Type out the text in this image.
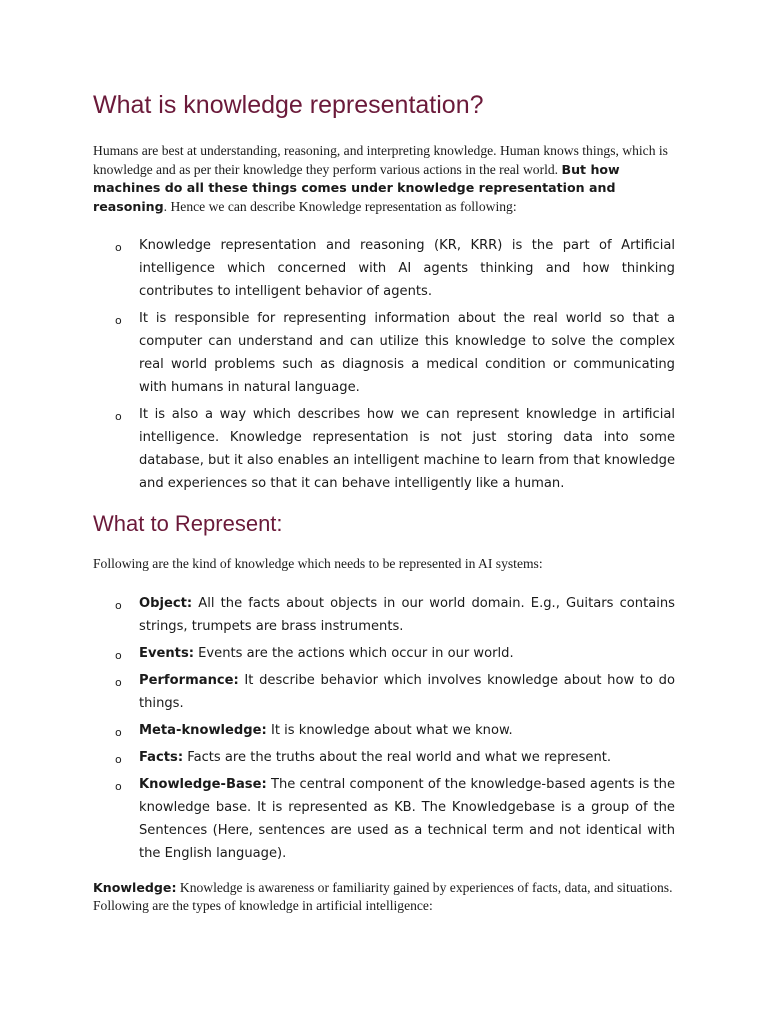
What is knowledge representation?

Humans are best at understanding, reasoning, and interpreting knowledge. Human knows things, which is knowledge and as per their knowledge they perform various actions in the real world. But how machines do all these things comes under knowledge representation and reasoning. Hence we can describe Knowledge representation as following:

o Knowledge representation and reasoning (KR, KRR) is the part of Artificial intelligence which concerned with AI agents thinking and how thinking contributes to intelligent behavior of agents.
o It is responsible for representing information about the real world so that a computer can understand and can utilize this knowledge to solve the complex real world problems such as diagnosis a medical condition or communicating with humans in natural language.
o It is also a way which describes how we can represent knowledge in artificial intelligence. Knowledge representation is not just storing data into some database, but it also enables an intelligent machine to learn from that knowledge and experiences so that it can behave intelligently like a human.
What to Represent:

Following are the kind of knowledge which needs to be represented in AI systems:

o Object: All the facts about objects in our world domain. E.g., Guitars contains strings, trumpets are brass instruments.
o Events: Events are the actions which occur in our world.
o Performance: It describe behavior which involves knowledge about how to do things.
o Meta-knowledge: It is knowledge about what we know.
o Facts: Facts are the truths about the real world and what we represent.
o Knowledge-Base: The central component of the knowledge-based agents is the knowledge base. It is represented as KB. The Knowledgebase is a group of the Sentences (Here, sentences are used as a technical term and not identical with the English language).

Knowledge: Knowledge is awareness or familiarity gained by experiences of facts, data, and situations. Following are the types of knowledge in artificial intelligence:
